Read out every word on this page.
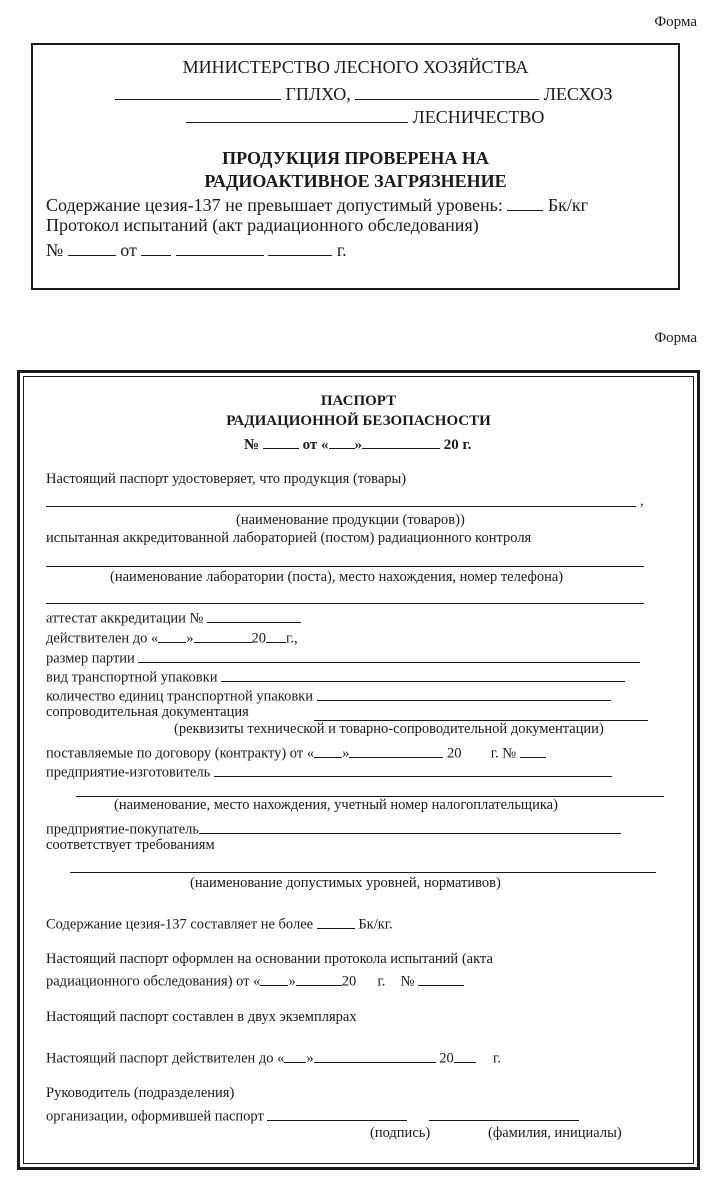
Форма
МИНИСТЕРСТВО ЛЕСНОГО ХОЗЯЙСТВА
ГПЛХО,	ЛЕСХОЗ
ЛЕСНИЧЕСТВО
ПРОДУКЦИЯ ПРОВЕРЕНА НА
РАДИОАКТИВНОЕ ЗАГРЯЗНЕНИЕ
Содержание цезия-137 не превышает допустимый уровень:	Бк/кг
Протокол испытаний (акт радиационного обследования)
№	от	г.
Форма
ПАСПОРТ
РАДИАЦИОННОЙ БЕЗОПАСНОСТИ
№	от « »	20 г.
Настоящий паспорт удостоверяет, что продукция (товары)
,
(наименование продукции (товаров))
испытанная аккредитованной лабораторией (постом) радиационного контроля
(наименование лаборатории (поста), место нахождения, номер телефона)
аттестат аккредитации №
действителен до « »	20 г.,
размер партии
вид транспортной упаковки
количество единиц транспортной упаковки
сопроводительная документация
(реквизиты технической и товарно-сопроводительной документации)
поставляемые по договору (контракту) от « »	20 г. №
предприятие-изготовитель
(наименование, место нахождения, учетный номер налогоплательщика)
предприятие-покупатель
соответствует требованиям
(наименование допустимых уровней, нормативов)
Содержание цезия-137 составляет не более	Бк/кг.
Настоящий паспорт оформлен на основании протокола испытаний (акта
радиационного обследования) от « »	20 г. №
Настоящий паспорт составлен в двух экземплярах
Настоящий паспорт действителен до « »	20	г.
Руководитель (подразделения)
организации, оформившей паспорт
(подпись)	(фамилия, инициалы)
